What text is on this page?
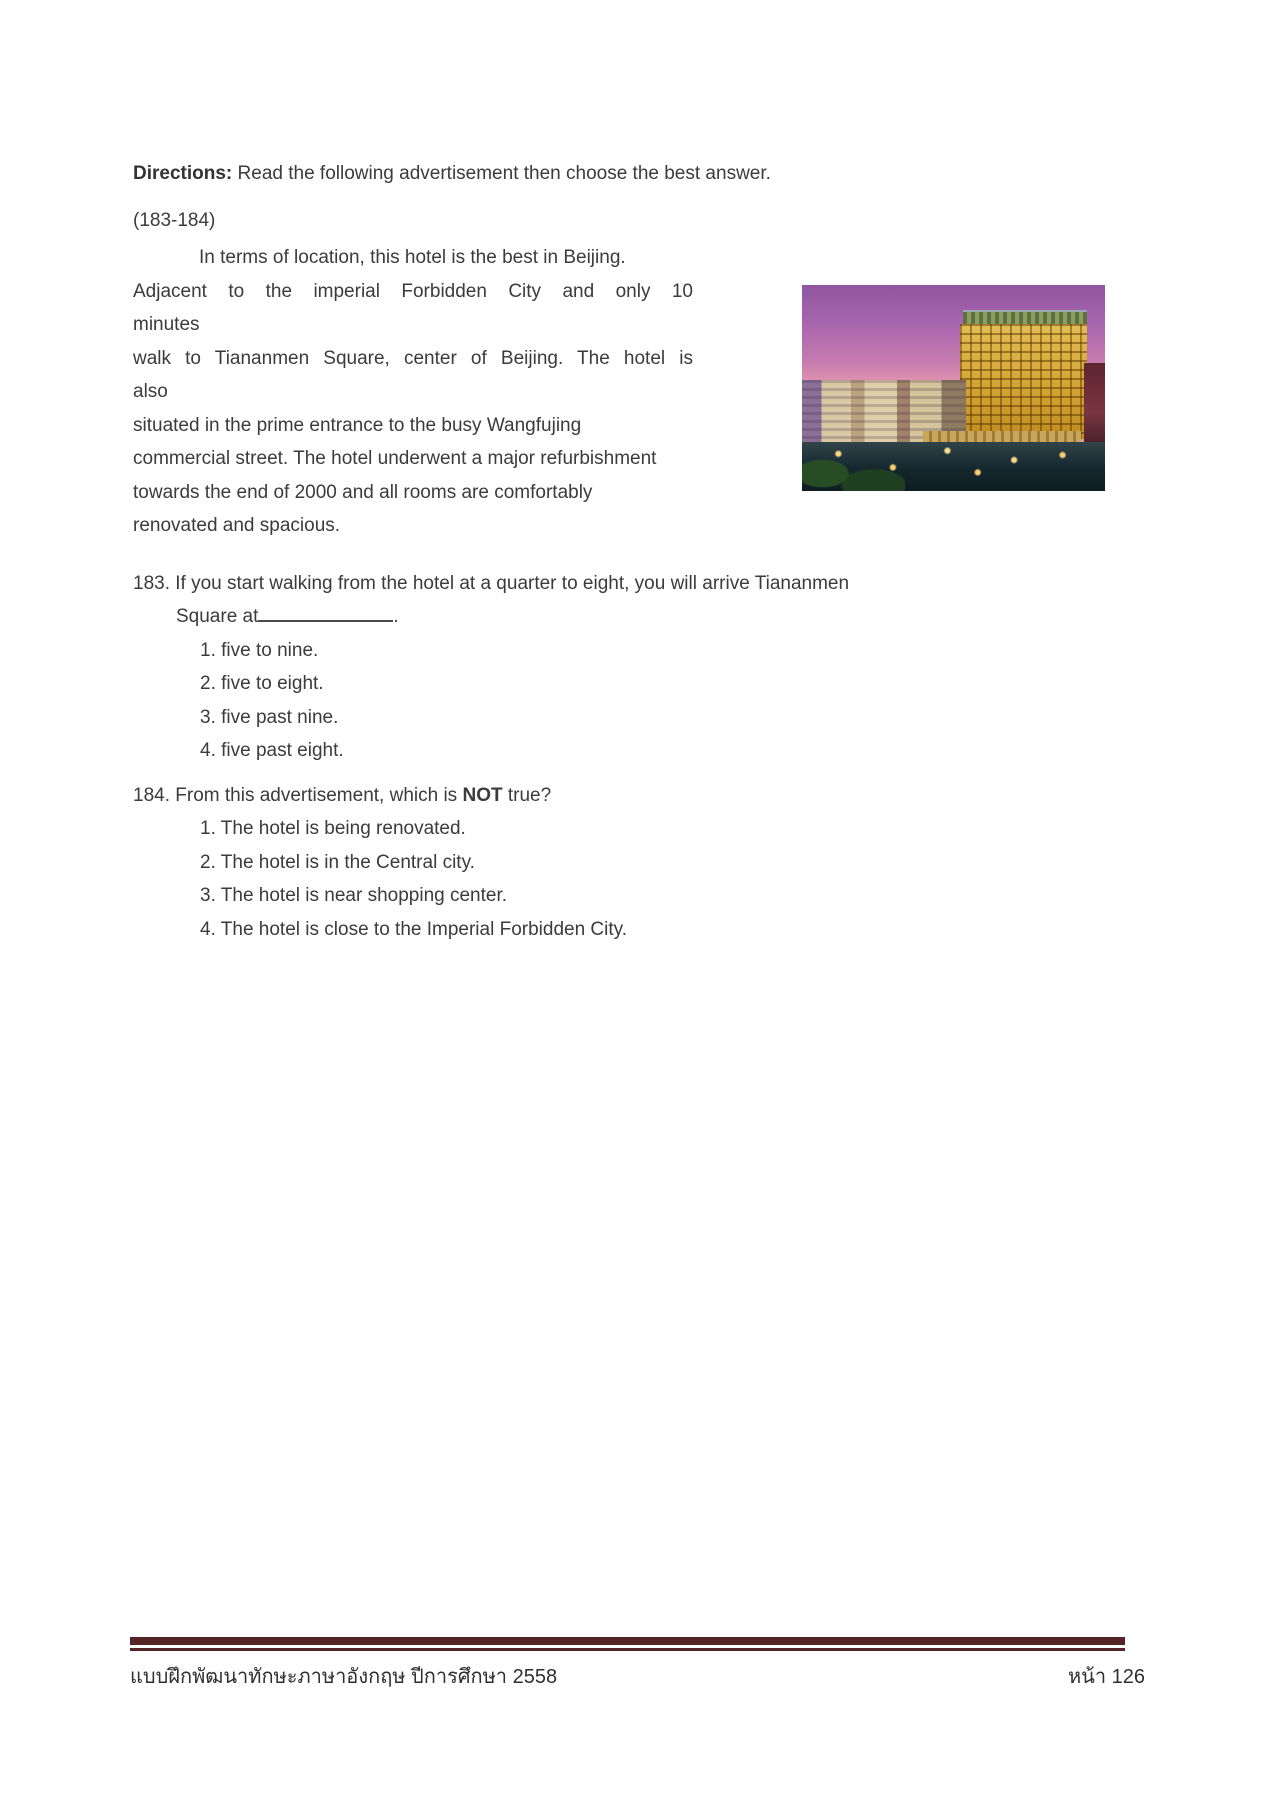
Directions: Read the following advertisement then choose the best answer.

(183-184)
In terms of location, this hotel is the best in Beijing.
Adjacent to the imperial Forbidden City and only 10
minutes
walk to Tiananmen Square, center of Beijing. The hotel is
also
situated in the prime entrance to the busy Wangfujing
commercial street. The hotel underwent a major refurbishment
towards the end of 2000 and all rooms are comfortably
renovated and spacious.
183. If you start walking from the hotel at a quarter to eight, you will arrive Tiananmen
Square at	.
1. five to nine.
2. five to eight.
3. five past nine.
4. five past eight.
184. From this advertisement, which is NOT true?
1. The hotel is being renovated.
2. The hotel is in the Central city.
3. The hotel is near shopping center.
4. The hotel is close to the Imperial Forbidden City.
แบบฝึกพัฒนาทักษะภาษาอังกฤษ ปีการศึกษา 2558	หน้า 126
